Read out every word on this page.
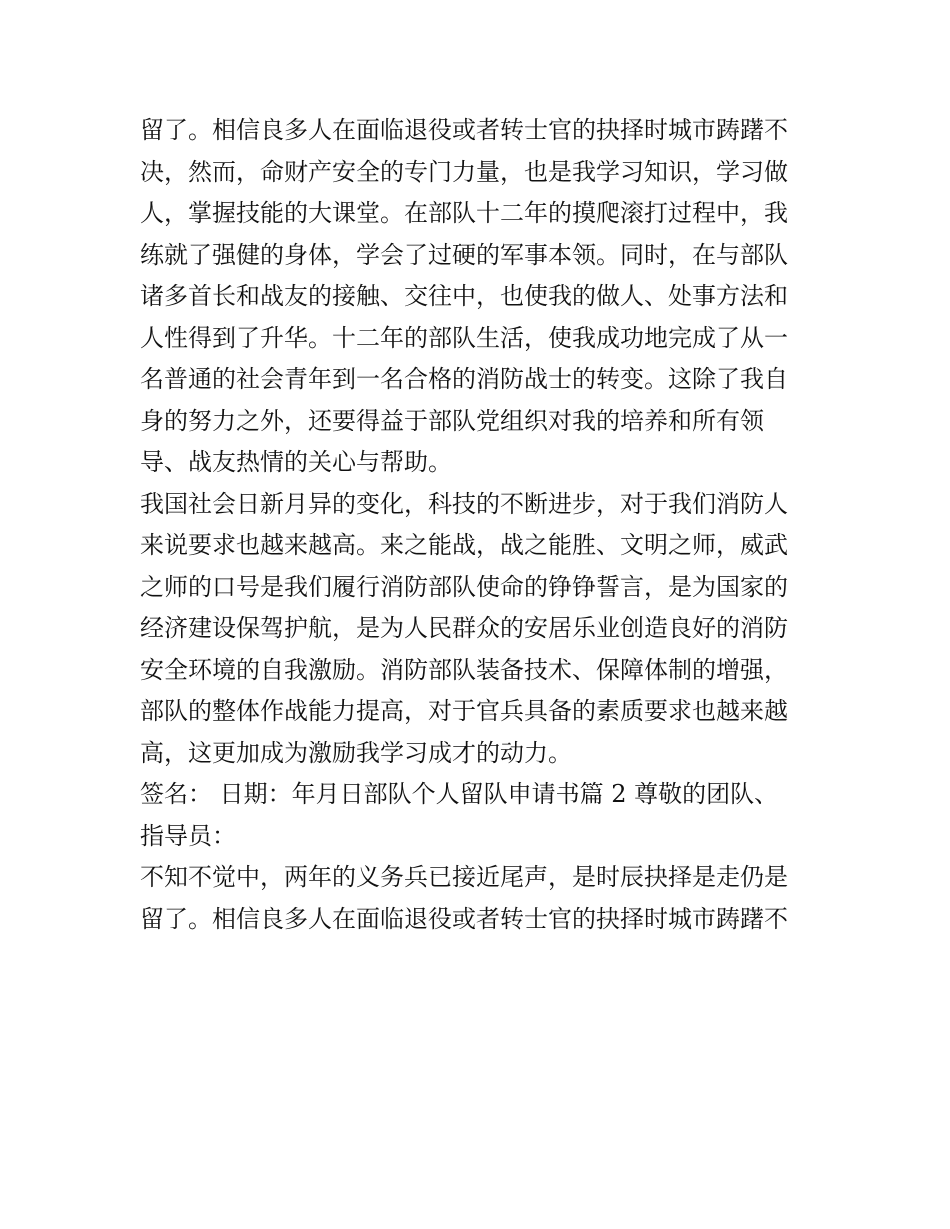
留了。相信良多人在面临退役或者转士官的抉择时城市踌躇不
决，然而，命财产安全的专门力量，也是我学习知识，学习做
人，掌握技能的大课堂。在部队十二年的摸爬滚打过程中，我
练就了强健的身体，学会了过硬的军事本领。同时，在与部队
诸多首长和战友的接触、交往中，也使我的做人、处事方法和
人性得到了升华。十二年的部队生活，使我成功地完成了从一
名普通的社会青年到一名合格的消防战士的转变。这除了我自
身的努力之外，还要得益于部队党组织对我的培养和所有领
导、战友热情的关心与帮助。
我国社会日新月异的变化，科技的不断进步，对于我们消防人
来说要求也越来越高。来之能战，战之能胜、文明之师，威武
之师的口号是我们履行消防部队使命的铮铮誓言，是为国家的
经济建设保驾护航，是为人民群众的安居乐业创造良好的消防
安全环境的自我激励。消防部队装备技术、保障体制的增强，
部队的整体作战能力提高，对于官兵具备的素质要求也越来越
高，这更加成为激励我学习成才的动力。
签名： 日期：年月日部队个人留队申请书篇 2 尊敬的团队、
指导员：
不知不觉中，两年的义务兵已接近尾声，是时辰抉择是走仍是
留了。相信良多人在面临退役或者转士官的抉择时城市踌躇不
